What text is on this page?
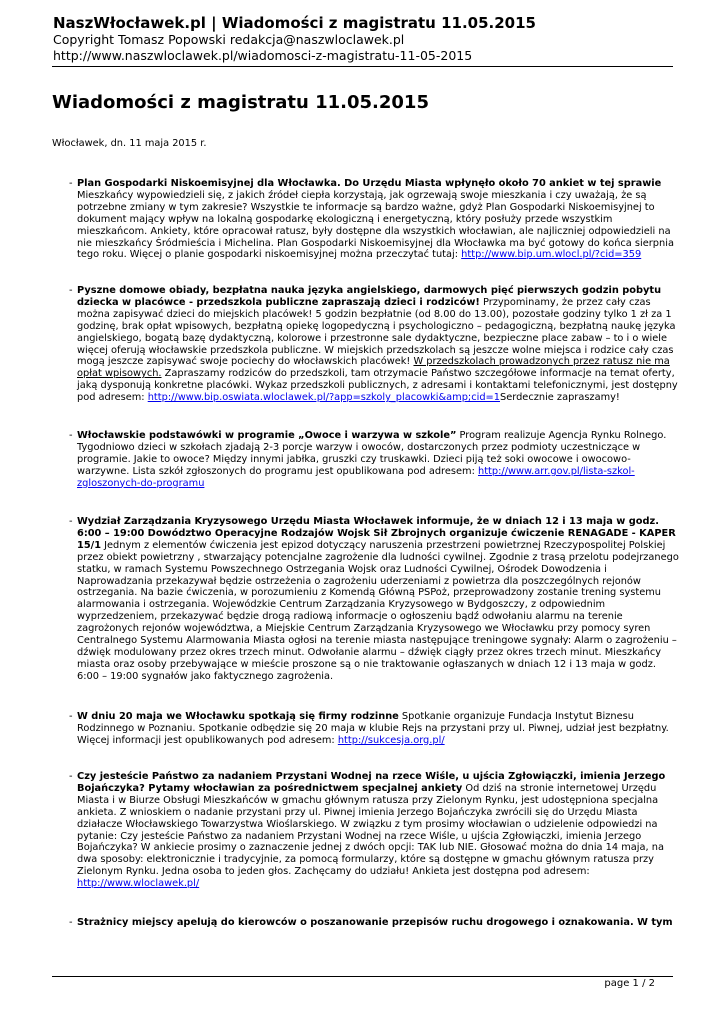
NaszWłocławek.pl | Wiadomości z magistratu 11.05.2015
Copyright Tomasz Popowski redakcja@naszwloclawek.pl
http://www.naszwloclawek.pl/wiadomosci-z-magistratu-11-05-2015
Wiadomości z magistratu 11.05.2015
Włocławek, dn. 11 maja 2015 r.
- Plan Gospodarki Niskoemisyjnej dla Włocławka. Do Urzędu Miasta wpłynęło około 70 ankiet w tej sprawie Mieszkańcy wypowiedzieli się, z jakich źródeł ciepła korzystają, jak ogrzewają swoje mieszkania i czy uważają, że są potrzebne zmiany w tym zakresie? Wszystkie te informacje są bardzo ważne, gdyż Plan Gospodarki Niskoemisyjnej to dokument mający wpływ na lokalną gospodarkę ekologiczną i energetyczną, który posłuży przede wszystkim mieszkańcom. Ankiety, które opracował ratusz, były dostępne dla wszystkich włocławian, ale najliczniej odpowiedzieli na nie mieszkańcy Śródmieścia i Michelina. Plan Gospodarki Niskoemisyjnej dla Włocławka ma być gotowy do końca sierpnia tego roku. Więcej o planie gospodarki niskoemisyjnej można przeczytać tutaj: http://www.bip.um.wlocl.pl/?cid=359
- Pyszne domowe obiady, bezpłatna nauka języka angielskiego, darmowych pięć pierwszych godzin pobytu dziecka w placówce - przedszkola publiczne zapraszają dzieci i rodziców! Przypominamy, że przez cały czas można zapisywać dzieci do miejskich placówek! 5 godzin bezpłatnie (od 8.00 do 13.00), pozostałe godziny tylko 1 zł za 1 godzinę, brak opłat wpisowych, bezpłatną opiekę logopedyczną i psychologiczno – pedagogiczną, bezpłatną naukę języka angielskiego, bogatą bazę dydaktyczną, kolorowe i przestronne sale dydaktyczne, bezpieczne place zabaw – to i o wiele więcej oferują włocławskie przedszkola publiczne. W miejskich przedszkolach są jeszcze wolne miejsca i rodzice cały czas mogą jeszcze zapisywać swoje pociechy do włocławskich placówek! W przedszkolach prowadzonych przez ratusz nie ma opłat wpisowych. Zapraszamy rodziców do przedszkoli, tam otrzymacie Państwo szczegółowe informacje na temat oferty, jaką dysponują konkretne placówki. Wykaz przedszkoli publicznych, z adresami i kontaktami telefonicznymi, jest dostępny pod adresem: http://www.bip.oswiata.wloclawek.pl/?app=szkoly_placowki&amp;cid=1Serdecznie zapraszamy!
- Włocławskie podstawówki w programie „Owoce i warzywa w szkole” Program realizuje Agencja Rynku Rolnego. Tygodniowo dzieci w szkołach zjadają 2-3 porcje warzyw i owoców, dostarczonych przez podmioty uczestniczące w programie. Jakie to owoce? Między innymi jabłka, gruszki czy truskawki. Dzieci piją też soki owocowe i owocowo-warzywne. Lista szkół zgłoszonych do programu jest opublikowana pod adresem: http://www.arr.gov.pl/lista-szkol-zgloszonych-do-programu
- Wydział Zarządzania Kryzysowego Urzędu Miasta Włocławek informuje, że w dniach 12 i 13 maja w godz. 6:00 – 19:00 Dowództwo Operacyjne Rodzajów Wojsk Sił Zbrojnych organizuje ćwiczenie RENAGADE - KAPER 15/1 Jednym z elementów ćwiczenia jest epizod dotyczący naruszenia przestrzeni powietrznej Rzeczypospolitej Polskiej przez obiekt powietrzny , stwarzający potencjalne zagrożenie dla ludności cywilnej. Zgodnie z trasą przelotu podejrzanego statku, w ramach Systemu Powszechnego Ostrzegania Wojsk oraz Ludności Cywilnej, Ośrodek Dowodzenia i Naprowadzania przekazywał będzie ostrzeżenia o zagrożeniu uderzeniami z powietrza dla poszczególnych rejonów ostrzegania. Na bazie ćwiczenia, w porozumieniu z Komendą Główną PSPoż, przeprowadzony zostanie trening systemu alarmowania i ostrzegania. Wojewódzkie Centrum Zarządzania Kryzysowego w Bydgoszczy, z odpowiednim wyprzedzeniem, przekazywać będzie drogą radiową informacje o ogłoszeniu bądź odwołaniu alarmu na terenie zagrożonych rejonów województwa, a Miejskie Centrum Zarządzania Kryzysowego we Włocławku przy pomocy syren Centralnego Systemu Alarmowania Miasta ogłosi na terenie miasta następujące treningowe sygnały: Alarm o zagrożeniu – dźwięk modulowany przez okres trzech minut. Odwołanie alarmu – dźwięk ciągły przez okres trzech minut. Mieszkańcy miasta oraz osoby przebywające w mieście proszone są o nie traktowanie ogłaszanych w dniach 12 i 13 maja w godz. 6:00 – 19:00 sygnałów jako faktycznego zagrożenia.
- W dniu 20 maja we Włocławku spotkają się firmy rodzinne Spotkanie organizuje Fundacja Instytut Biznesu Rodzinnego w Poznaniu. Spotkanie odbędzie się 20 maja w klubie Rejs na przystani przy ul. Piwnej, udział jest bezpłatny. Więcej informacji jest opublikowanych pod adresem: http://sukcesja.org.pl/
- Czy jesteście Państwo za nadaniem Przystani Wodnej na rzece Wiśle, u ujścia Zgłowiączki, imienia Jerzego Bojańczyka? Pytamy włocławian za pośrednictwem specjalnej ankiety Od dziś na stronie internetowej Urzędu Miasta i w Biurze Obsługi Mieszkańców w gmachu głównym ratusza przy Zielonym Rynku, jest udostępniona specjalna ankieta. Z wnioskiem o nadanie przystani przy ul. Piwnej imienia Jerzego Bojańczyka zwrócili się do Urzędu Miasta działacze Włocławskiego Towarzystwa Wioślarskiego. W związku z tym prosimy włocławian o udzielenie odpowiedzi na pytanie: Czy jesteście Państwo za nadaniem Przystani Wodnej na rzece Wiśle, u ujścia Zgłowiączki, imienia Jerzego Bojańczyka? W ankiecie prosimy o zaznaczenie jednej z dwóch opcji: TAK lub NIE. Głosować można do dnia 14 maja, na dwa sposoby: elektronicznie i tradycyjnie, za pomocą formularzy, które są dostępne w gmachu głównym ratusza przy Zielonym Rynku. Jedna osoba to jeden głos. Zachęcamy do udziału! Ankieta jest dostępna pod adresem: http://www.wloclawek.pl/
- Strażnicy miejscy apelują do kierowców o poszanowanie przepisów ruchu drogowego i oznakowania. W tym
page 1 / 2
